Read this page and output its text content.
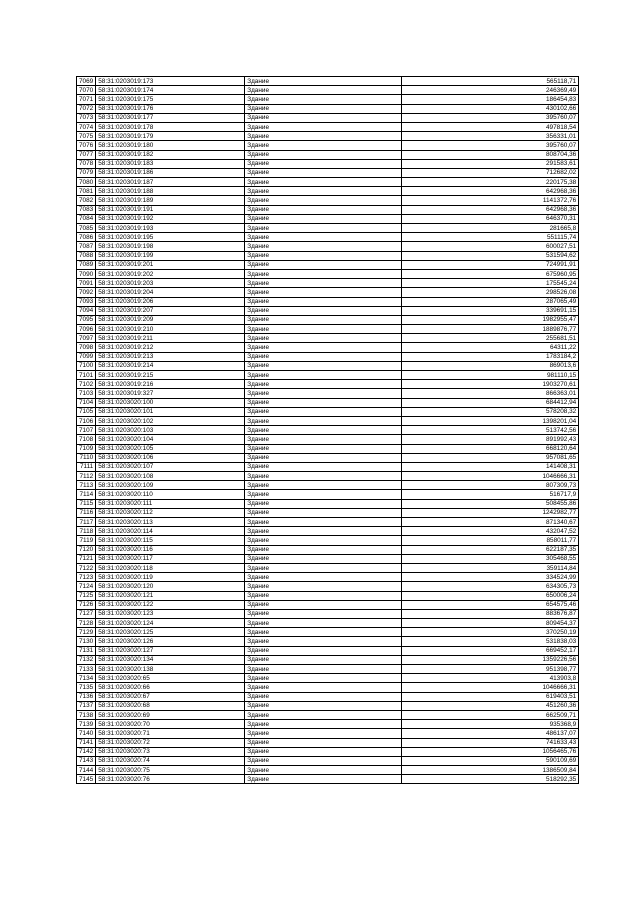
7069	58:31:0203019:173	Здание	565118,71
7070	58:31:0203019:174	Здание	246369,49
7071	58:31:0203019:175	Здание	186454,83
7072	58:31:0203019:176	Здание	430102,66
7073	58:31:0203019:177	Здание	395760,07
7074	58:31:0203019:178	Здание	497818,54
7075	58:31:0203019:179	Здание	356331,01
7076	58:31:0203019:180	Здание	395760,07
7077	58:31:0203019:182	Здание	808704,36
7078	58:31:0203019:183	Здание	291583,61
7079	58:31:0203019:186	Здание	712682,02
7080	58:31:0203019:187	Здание	220175,38
7081	58:31:0203019:188	Здание	642968,36
7082	58:31:0203019:189	Здание	1141372,76
7083	58:31:0203019:191	Здание	642968,36
7084	58:31:0203019:192	Здание	646370,31
7085	58:31:0203019:193	Здание	281665,8
7086	58:31:0203019:195	Здание	551115,74
7087	58:31:0203019:198	Здание	600027,51
7088	58:31:0203019:199	Здание	531594,62
7089	58:31:0203019:201	Здание	724991,91
7090	58:31:0203019:202	Здание	675960,95
7091	58:31:0203019:203	Здание	175545,24
7092	58:31:0203019:204	Здание	298526,08
7093	58:31:0203019:206	Здание	287065,49
7094	58:31:0203019:207	Здание	339691,15
7095	58:31:0203019:209	Здание	1982955,47
7096	58:31:0203019:210	Здание	1889876,77
7097	58:31:0203019:211	Здание	255681,51
7098	58:31:0203019:212	Здание	64311,22
7099	58:31:0203019:213	Здание	1783184,2
7100	58:31:0203019:214	Здание	869013,6
7101	58:31:0203019:215	Здание	981110,15
7102	58:31:0203019:216	Здание	1903270,61
7103	58:31:0203019:327	Здание	866363,01
7104	58:31:0203020:100	Здание	684412,94
7105	58:31:0203020:101	Здание	578208,32
7106	58:31:0203020:102	Здание	1398201,04
7107	58:31:0203020:103	Здание	513742,56
7108	58:31:0203020:104	Здание	891992,43
7109	58:31:0203020:105	Здание	668120,64
7110	58:31:0203020:106	Здание	957081,65
7111	58:31:0203020:107	Здание	141408,31
7112	58:31:0203020:108	Здание	1046666,31
7113	58:31:0203020:109	Здание	807309,73
7114	58:31:0203020:110	Здание	516717,9
7115	58:31:0203020:111	Здание	508455,86
7116	58:31:0203020:112	Здание	1242982,77
7117	58:31:0203020:113	Здание	871340,67
7118	58:31:0203020:114	Здание	432047,52
7119	58:31:0203020:115	Здание	858011,77
7120	58:31:0203020:116	Здание	622187,35
7121	58:31:0203020:117	Здание	305468,55
7122	58:31:0203020:118	Здание	359114,84
7123	58:31:0203020:119	Здание	334524,99
7124	58:31:0203020:120	Здание	634305,73
7125	58:31:0203020:121	Здание	650006,24
7126	58:31:0203020:122	Здание	654575,46
7127	58:31:0203020:123	Здание	883676,87
7128	58:31:0203020:124	Здание	809454,37
7129	58:31:0203020:125	Здание	370250,19
7130	58:31:0203020:126	Здание	531838,03
7131	58:31:0203020:127	Здание	669452,17
7132	58:31:0203020:134	Здание	1359226,56
7133	58:31:0203020:138	Здание	951398,77
7134	58:31:0203020:65	Здание	413903,8
7135	58:31:0203020:66	Здание	1046666,31
7136	58:31:0203020:67	Здание	619403,51
7137	58:31:0203020:68	Здание	451260,36
7138	58:31:0203020:69	Здание	662509,71
7139	58:31:0203020:70	Здание	935368,9
7140	58:31:0203020:71	Здание	486137,07
7141	58:31:0203020:72	Здание	741633,43
7142	58:31:0203020:73	Здание	1056465,76
7143	58:31:0203020:74	Здание	590109,69
7144	58:31:0203020:75	Здание	1386509,84
7145	58:31:0203020:76	Здание	518292,35
